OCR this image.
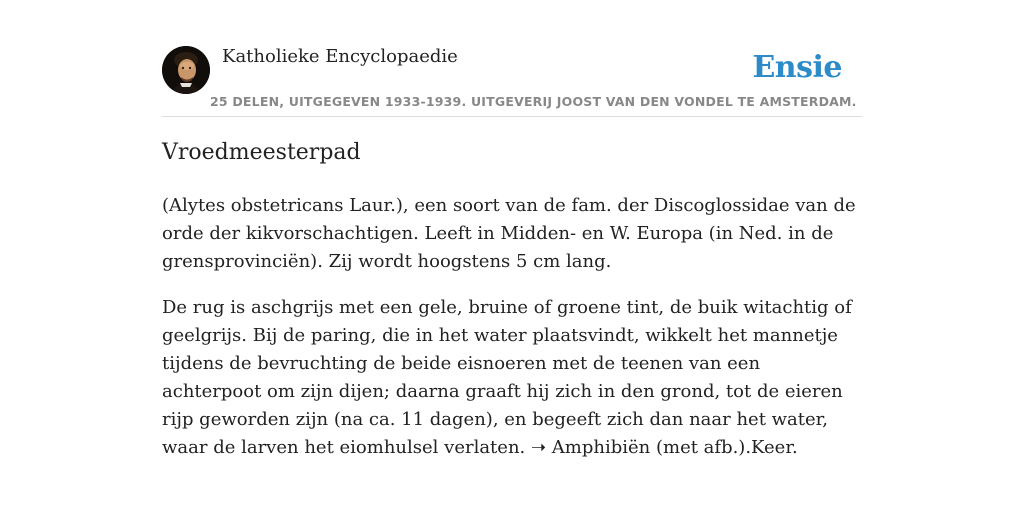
Katholieke Encyclopaedie	Ensie
25 DELEN, UITGEGEVEN 1933-1939. UITGEVERIJ JOOST VAN DEN VONDEL TE AMSTERDAM.
Vroedmeesterpad

(Alytes obstetricans Laur.), een soort van de fam. der Discoglossidae van de orde der kikvorschachtigen. Leeft in Midden- en W. Europa (in Ned. in de grensprovinciën). Zij wordt hoogstens 5 cm lang.

De rug is aschgrijs met een gele, bruine of groene tint, de buik witachtig of geelgrijs. Bij de paring, die in het water plaatsvindt, wikkelt het mannetje tijdens de bevruchting de beide eisnoeren met de teenen van een achterpoot om zijn dijen; daarna graaft hij zich in den grond, tot de eieren rijp geworden zijn (na ca. 11 dagen), en begeeft zich dan naar het water, waar de larven het eiomhulsel verlaten. ➝ Amphibiën (met afb.).Keer.
